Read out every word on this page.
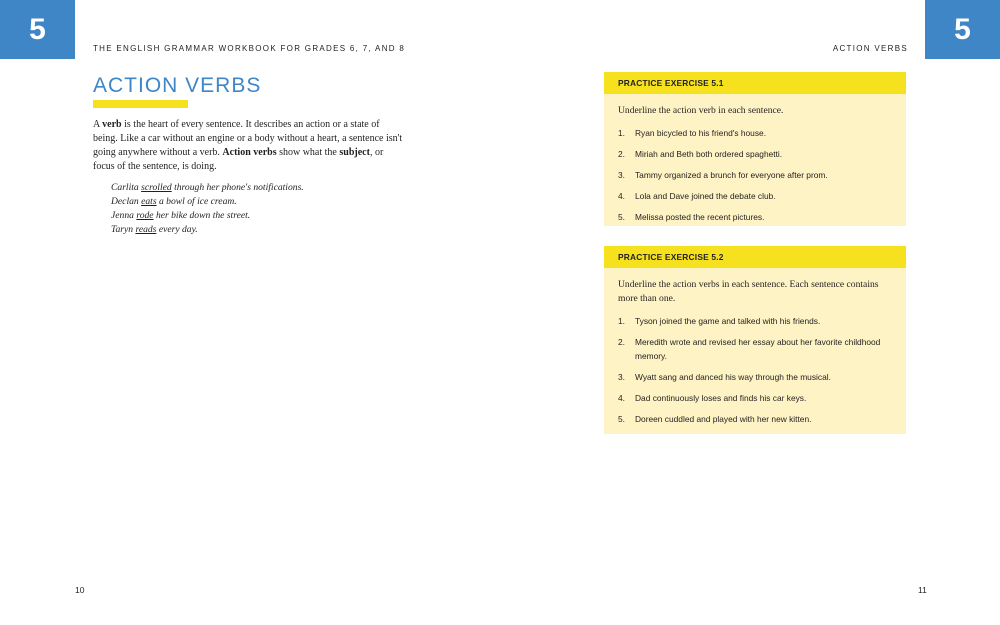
5	5
THE ENGLISH GRAMMAR WORKBOOK FOR GRADES 6, 7, AND 8	ACTION VERBS
ACTION VERBS

A verb is the heart of every sentence. It describes an action or a state of being. Like a car without an engine or a body without a heart, a sentence isn't going anywhere without a verb. Action verbs show what the subject, or focus of the sentence, is doing.

Carlita scrolled through her phone's notifications.
Declan eats a bowl of ice cream.
Jenna rode her bike down the street.
Taryn reads every day.
PRACTICE EXERCISE 5.1
Underline the action verb in each sentence.
1.	Ryan bicycled to his friend's house.
2.	Miriah and Beth both ordered spaghetti.
3.	Tammy organized a brunch for everyone after prom.
4.	Lola and Dave joined the debate club.
5.	Melissa posted the recent pictures.
PRACTICE EXERCISE 5.2
Underline the action verbs in each sentence. Each sentence contains more than one.
1.	Tyson joined the game and talked with his friends.
2.	Meredith wrote and revised her essay about her favorite childhood memory.
3.	Wyatt sang and danced his way through the musical.
4.	Dad continuously loses and finds his car keys.
5.	Doreen cuddled and played with her new kitten.
10	11
